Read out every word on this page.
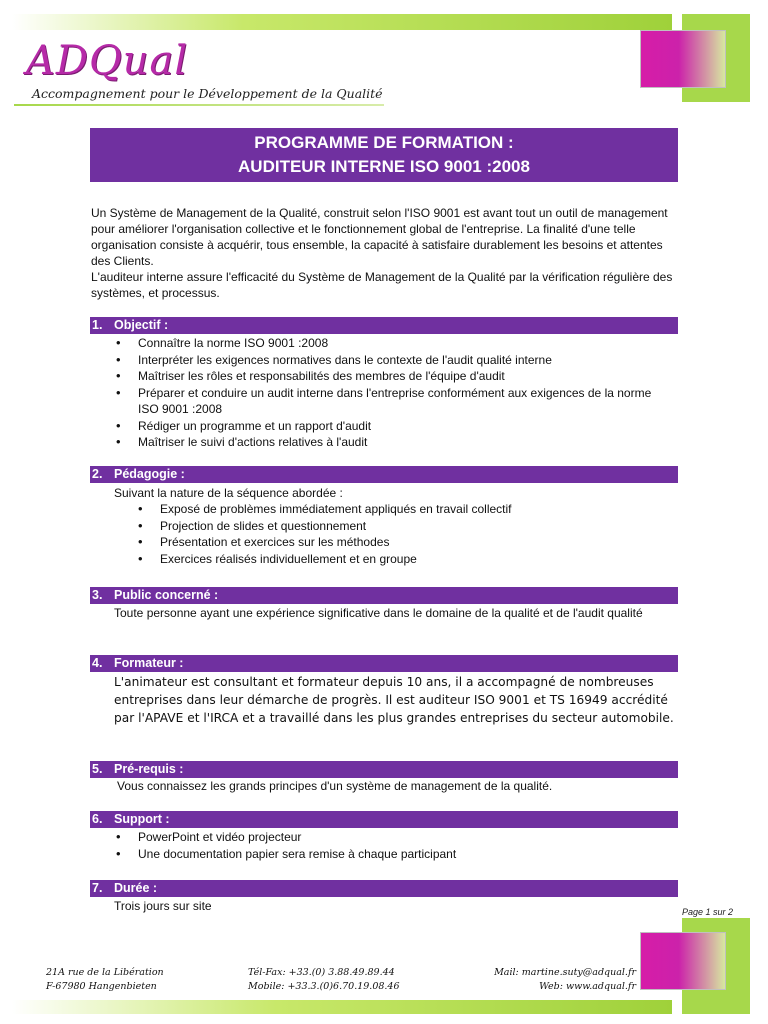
ADQual
Accompagnement pour le Développement de la Qualité
PROGRAMME DE FORMATION :
AUDITEUR INTERNE ISO 9001 :2008

Un Système de Management de la Qualité, construit selon l'ISO 9001 est avant tout un outil de management pour améliorer l'organisation collective et le fonctionnement global de l'entreprise. La finalité d'une telle organisation consiste à acquérir, tous ensemble, la capacité à satisfaire durablement les besoins et attentes des Clients.

L'auditeur interne assure l'efficacité du Système de Management de la Qualité par la vérification régulière des systèmes, et processus.

1. Objectif :
• Connaître la norme ISO 9001 :2008
• Interpréter les exigences normatives dans le contexte de l'audit qualité interne
• Maîtriser les rôles et responsabilités des membres de l'équipe d'audit
• Préparer et conduire un audit interne dans l'entreprise conformément aux exigences de la norme ISO 9001 :2008
• Rédiger un programme et un rapport d'audit
• Maîtriser le suivi d'actions relatives à l'audit
2. Pédagogie :
Suivant la nature de la séquence abordée :
• Exposé de problèmes immédiatement appliqués en travail collectif
• Projection de slides et questionnement
• Présentation et exercices sur les méthodes
• Exercices réalisés individuellement et en groupe
3. Public concerné :
Toute personne ayant une expérience significative dans le domaine de la qualité et de l'audit qualité
4. Formateur :
L'animateur est consultant et formateur depuis 10 ans, il a accompagné de nombreuses entreprises dans leur démarche de progrès. Il est auditeur ISO 9001 et TS 16949 accrédité par l'APAVE et l'IRCA et a travaillé dans les plus grandes entreprises du secteur automobile.
5. Pré-requis :
Vous connaissez les grands principes d'un système de management de la qualité.
6. Support :
• PowerPoint et vidéo projecteur
• Une documentation papier sera remise à chaque participant
7. Durée :
Trois jours sur site	Page 1 sur 2
21A rue de la Libération
F-67980 Hangenbieten
Tél-Fax: +33.(0) 3.88.49.89.44
Mobile: +33.3.(0)6.70.19.08.46
Mail: martine.suty@adqual.fr
Web: www.adqual.fr
